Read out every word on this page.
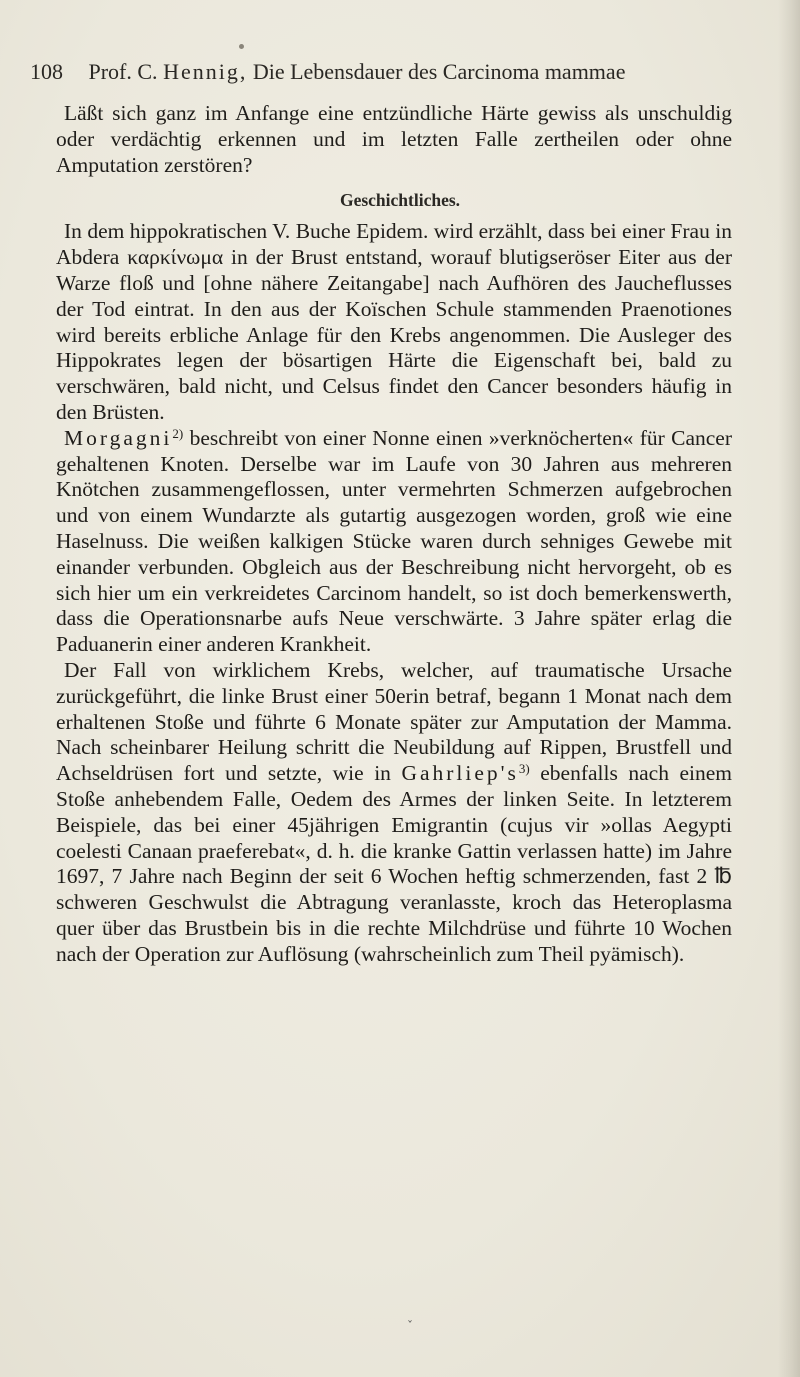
108 Prof. C. Hennig, Die Lebensdauer des Carcinoma mammae

Läßt sich ganz im Anfange eine entzündliche Härte gewiss als unschuldig oder verdächtig erkennen und im letzten Falle zertheilen oder ohne Amputation zerstören?

Geschichtliches.

In dem hippokratischen V. Buche Epidem. wird erzählt, dass bei einer Frau in Abdera καρκίνωμα in der Brust entstand, worauf blutigseröser Eiter aus der Warze floß und [ohne nähere Zeitangabe] nach Aufhören des Jaucheflusses der Tod eintrat. In den aus der Koïschen Schule stammenden Praenotiones wird bereits erbliche Anlage für den Krebs angenommen. Die Ausleger des Hippokrates legen der bösartigen Härte die Eigenschaft bei, bald zu verschwären, bald nicht, und Celsus findet den Cancer besonders häufig in den Brüsten.

Morgagni$^{2)}$ beschreibt von einer Nonne einen »verknöcherten« für Cancer gehaltenen Knoten. Derselbe war im Laufe von 30 Jahren aus mehreren Knötchen zusammengeflossen, unter vermehrten Schmerzen aufgebrochen und von einem Wundarzte als gutartig ausgezogen worden, groß wie eine Haselnuss. Die weißen kalkigen Stücke waren durch sehniges Gewebe mit einander verbunden. Obgleich aus der Beschreibung nicht hervorgeht, ob es sich hier um ein verkreidetes Carcinom handelt, so ist doch bemerkenswerth, dass die Operationsnarbe aufs Neue verschwärte. 3 Jahre später erlag die Paduanerin einer anderen Krankheit.

Der Fall von wirklichem Krebs, welcher, auf traumatische Ursache zurückgeführt, die linke Brust einer 50erin betraf, begann 1 Monat nach dem erhaltenen Stoße und führte 6 Monate später zur Amputation der Mamma. Nach scheinbarer Heilung schritt die Neubildung auf Rippen, Brustfell und Achseldrüsen fort und setzte, wie in $Gahrliep's^{3)}$ ebenfalls nach einem Stoße anhebendem Falle, Oedem des Armes der linken Seite. In letzterem Beispiele, das bei einer 45jährigen Emigrantin (cujus vir »ollas Aegypti coelesti Canaan praeferebat«, d. h. die kranke Gattin verlassen hatte) im Jahre 1697, 7 Jahre nach Beginn der seit 6 Wochen heftig schmerzenden, fast 2 ℔ schweren Geschwulst die Abtragung veranlasste, kroch das Heteroplasma quer über das Brustbein bis in die rechte Milchdrüse und führte 10 Wochen nach der Operation zur Auflösung (wahrscheinlich zum Theil pyämisch).

ˇ
